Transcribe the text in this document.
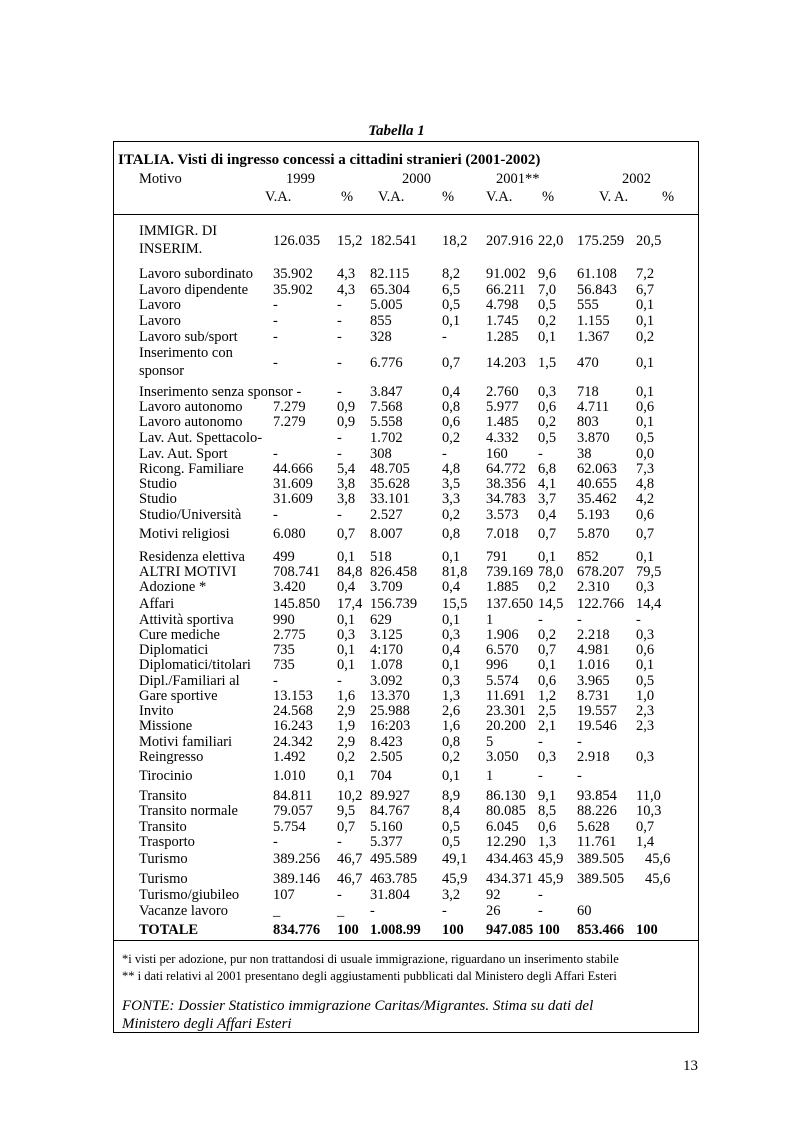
Tabella 1
ITALIA. Visti di ingresso concessi a cittadini stranieri (2001-2002)
Motivo	1999	2000	2001**	2002
V.A.	% V.A.	% V.A. %	V. A. %
IMMIGR. DI
INSERIM.	126.035 15,2 182.541 18,2 207.916 22,0 175.259 20,5
Lavoro subordinato 35.902 4,3 82.115 8,2 91.002 9,6 61.108 7,2
Lavoro dipendente 35.902 4,3 65.304 6,5 66.211 7,0 56.843 6,7
Lavoro	-	- 5.005	0,5 4.798 0,5 555	0,1
Lavoro	-	- 855	0,1 1.745 0,2 1.155 0,1
Lavoro sub/sport -	- 328	-	1.285 0,1 1.367 0,2
Inserimento con
sponsor	-	- 6.776	0,7 14.203 1,5 470	0,1
Inserimento senza sponsor - - 3.847	0,4 2.760 0,3 718	0,1
Lavoro autonomo 7.279 0,9 7.568	0,8 5.977 0,6 4.711 0,6
Lavoro autonomo 7.279 0,9 5.558	0,6 1.485 0,2 803	0,1
Lav. Aut. Spettacolo-	- 1.702	0,2 4.332 0,5 3.870 0,5
Lav. Aut. Sport	-	- 308	-	160 - 38	0,0
Ricong. Familiare 44.666 5,4 48.705 4,8 64.772 6,8 62.063 7,3
Studio	31.609 3,8 35.628 3,5 38.356 4,1 40.655 4,8
Studio	31.609 3,8 33.101 3,3 34.783 3,7 35.462 4,2
Studio/Università -	- 2.527	0,2 3.573 0,4 5.193 0,6
Motivi religiosi	6.080 0,7 8.007	0,8 7.018 0,7 5.870 0,7
Residenza elettiva 499	0,1 518	0,1 791 0,1 852	0,1
ALTRI MOTIVI	708.741 84,8 826.458 81,8 739.169 78,0 678.207 79,5
Adozione *	3.420 0,4 3.709	0,4 1.885 0,2 2.310 0,3
Affari	145.850 17,4 156.739 15,5 137.650 14,5 122.766 14,4
Attività sportiva	990	0,1 629	0,1 1	- -	-
Cure mediche	2.775 0,3 3.125	0,3 1.906 0,2 2.218 0,3
Diplomatici	735	0,1 4:170	0,4 6.570 0,7 4.981 0,6
Diplomatici/titolari 735	0,1 1.078	0,1 996 0,1 1.016 0,1
Dipl./Familiari al -	- 3.092	0,3 5.574 0,6 3.965 0,5
Gare sportive	13.153 1,6 13.370 1,3 11.691 1,2 8.731 1,0
Invito	24.568 2,9 25.988 2,6 23.301 2,5 19.557 2,3
Missione	16.243 1,9 16:203 1,6 20.200 2,1 19.546 2,3
Motivi familiari	24.342 2,9 8.423	0,8 5	- -
Reingresso	1.492 0,2 2.505	0,2 3.050 0,3 2.918 0,3
Tirocinio	1.010 0,1 704	0,1 1	- -
Transito	84.811 10,2 89.927 8,9 86.130 9,1 93.854 11,0
Transito normale 79.057 9,5 84.767 8,4 80.085 8,5 88.226 10,3
Transito	5.754 0,7 5.160	0,5 6.045 0,6 5.628 0,7
Trasporto	-	- 5.377	0,5 12.290 1,3 11.761 1,4
Turismo	389.256 46,7 495.589 49,1 434.463 45,9 389.505 45,6
Turismo	389.146 46,7 463.785 45,9 434.371 45,9 389.505 45,6
Turismo/giubileo 107	- 31.804 3,2 92	-
Vacanze lavoro	_	_ -	-	26	- 60
TOTALE	834.776 100 1.008.99 100 947.085 100 853.466 100
*i visti per adozione, pur non trattandosi di usuale immigrazione, riguardano un inserimento stabile
** i dati relativi al 2001 presentano degli aggiustamenti pubblicati dal Ministero degli Affari Esteri
FONTE: Dossier Statistico immigrazione Caritas/Migrantes. Stima su dati del
Ministero degli Affari Esteri
13
